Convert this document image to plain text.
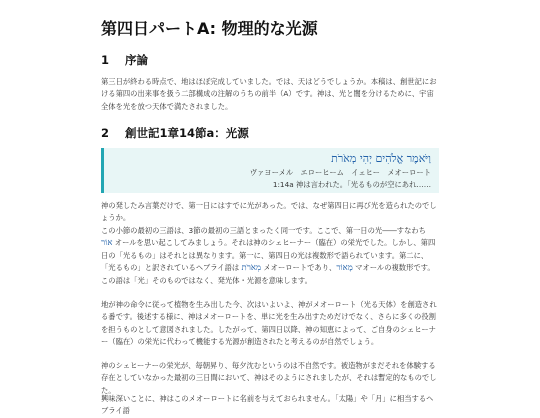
第四日パートA: 物理的な光源
1 序論

第三日が終わる時点で、地はほぼ完成していました。では、天はどうでしょうか。本稿は、創世記における第四の出来事を扱う二部構成の注解のうちの前半（A）です。神は、光と闇を分けるために、宇宙全体を光を放つ天体で満たされました。

2 創世記1章14節a：光源
וַיֹּאמֶר אֱלֹהִים יְהִי מְאֹרֹת
ヴァヨーメル　エローヒーム　イェヒー　メオーロート
1:14a 神は言われた。「光るものが空にあれ……

神の発したみ言葉だけで、第一日にはすでに光があった。では、なぜ第四日に再び光を造られたのでしょうか。

この小節の最初の三語は、3節の最初の三語とまったく同一です。ここで、第一日の光――すなわち אוֹר オールを思い起こしてみましょう。それは神のシェヒーナー（臨在）の栄光でした。しかし、第四日の「光るもの」はそれとは異なります。第一に、第四日の光は複数形で語られています。第二に、「光るもの」と訳されているヘブライ語は מְאֹרֹת メオーロートであり、מָאוֹר マオールの複数形です。この語は「光」そのものではなく、発光体・光源を意味します。

地が神の命令に従って植物を生み出した今、次はいよいよ、神がメオーロート（光る天体）を創造される番です。後述する様に、神はメオーロートを、単に光を生み出すためだけでなく、さらに多くの役割を担うものとして意図されました。したがって、第四日以降、神の知恵によって、ご自身のシェヒーナー（臨在）の栄光に代わって機能する光源が創造されたと考えるのが自然でしょう。

神のシェヒーナーの栄光が、毎朝昇り、毎夕沈むというのは不自然です。被造物がまだそれを体験する存在としていなかった最初の三日間において、神はそのようにされましたが、それは暫定的なものでした。

興味深いことに、神はこのメオーロートに名前を与えておられません。「太陽」や「月」に相当するヘブライ語
